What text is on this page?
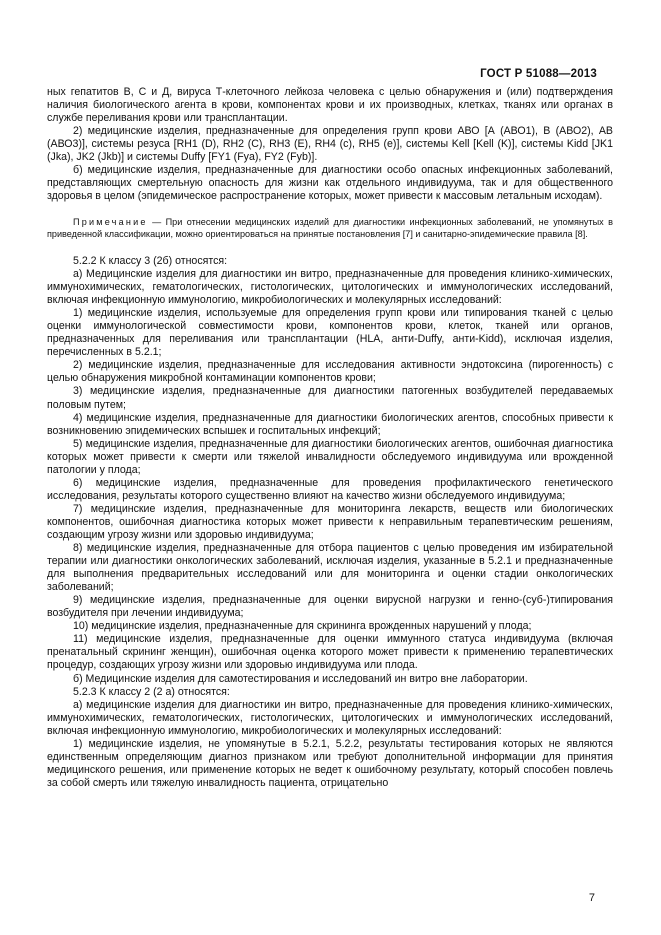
ГОСТ Р 51088—2013

ных гепатитов В, С и Д, вируса Т-клеточного лейкоза человека с целью обнаружения и (или) подтверждения наличия биологического агента в крови, компонентах крови и их производных, клетках, тканях или органах в службе переливания крови или трансплантации.

2) медицинские изделия, предназначенные для определения групп крови АВО [А (АВО1), В (АВО2), АВ (АВО3)], системы резуса [RH1 (D), RH2 (C), RH3 (E), RH4 (c), RH5 (e)], системы Kell [Kell (K)], системы Kidd [JK1 (Jka), JK2 (Jkb)] и системы Duffy [FY1 (Fya), FY2 (Fyb)].

б) медицинские изделия, предназначенные для диагностики особо опасных инфекционных заболеваний, представляющих смертельную опасность для жизни как отдельного индивидуума, так и для общественного здоровья в целом (эпидемическое распространение которых, может привести к массовым летальным исходам).

Примечание — При отнесении медицинских изделий для диагностики инфекционных заболеваний, не упомянутых в приведенной классификации, можно ориентироваться на принятые постановления [7] и санитарно-эпидемические правила [8].

5.2.2 К классу 3 (2б) относятся:

а) Медицинские изделия для диагностики ин витро, предназначенные для проведения клинико-химических, иммунохимических, гематологических, гистологических, цитологических и иммунологических исследований, включая инфекционную иммунологию, микробиологических и молекулярных исследований:

1) медицинские изделия, используемые для определения групп крови или типирования тканей с целью оценки иммунологической совместимости крови, компонентов крови, клеток, тканей или органов, предназначенных для переливания или трансплантации (HLA, анти-Duffy, анти-Kidd), исключая изделия, перечисленных в 5.2.1;

2) медицинские изделия, предназначенные для исследования активности эндотоксина (пирогенность) с целью обнаружения микробной контаминации компонентов крови;

3) медицинские изделия, предназначенные для диагностики патогенных возбудителей передаваемых половым путем;

4) медицинские изделия, предназначенные для диагностики биологических агентов, способных привести к возникновению эпидемических вспышек и госпитальных инфекций;

5) медицинские изделия, предназначенные для диагностики биологических агентов, ошибочная диагностика которых может привести к смерти или тяжелой инвалидности обследуемого индивидуума или врожденной патологии у плода;

6) медицинские изделия, предназначенные для проведения профилактического генетического исследования, результаты которого существенно влияют на качество жизни обследуемого индивидуума;

7) медицинские изделия, предназначенные для мониторинга лекарств, веществ или биологических компонентов, ошибочная диагностика которых может привести к неправильным терапевтическим решениям, создающим угрозу жизни или здоровью индивидуума;

8) медицинские изделия, предназначенные для отбора пациентов с целью проведения им избирательной терапии или диагностики онкологических заболеваний, исключая изделия, указанные в 5.2.1 и предназначенные для выполнения предварительных исследований или для мониторинга и оценки стадии онкологических заболеваний;

9) медицинские изделия, предназначенные для оценки вирусной нагрузки и генно-(суб-)типирования возбудителя при лечении индивидуума;

10) медицинские изделия, предназначенные для скрининга врожденных нарушений у плода;

11) медицинские изделия, предназначенные для оценки иммунного статуса индивидуума (включая пренатальный скрининг женщин), ошибочная оценка которого может привести к применению терапевтических процедур, создающих угрозу жизни или здоровью индивидуума или плода.

б) Медицинские изделия для самотестирования и исследований ин витро вне лаборатории.

5.2.3 К классу 2 (2 а) относятся:

а) медицинские изделия для диагностики ин витро, предназначенные для проведения клинико-химических, иммунохимических, гематологических, гистологических, цитологических и иммунологических исследований, включая инфекционную иммунологию, микробиологических и молекулярных исследований:

1) медицинские изделия, не упомянутые в 5.2.1, 5.2.2, результаты тестирования которых не являются единственным определяющим диагноз признаком или требуют дополнительной информации для принятия медицинского решения, или применение которых не ведет к ошибочному результату, который способен повлечь за собой смерть или тяжелую инвалидность пациента, отрицательно

7
